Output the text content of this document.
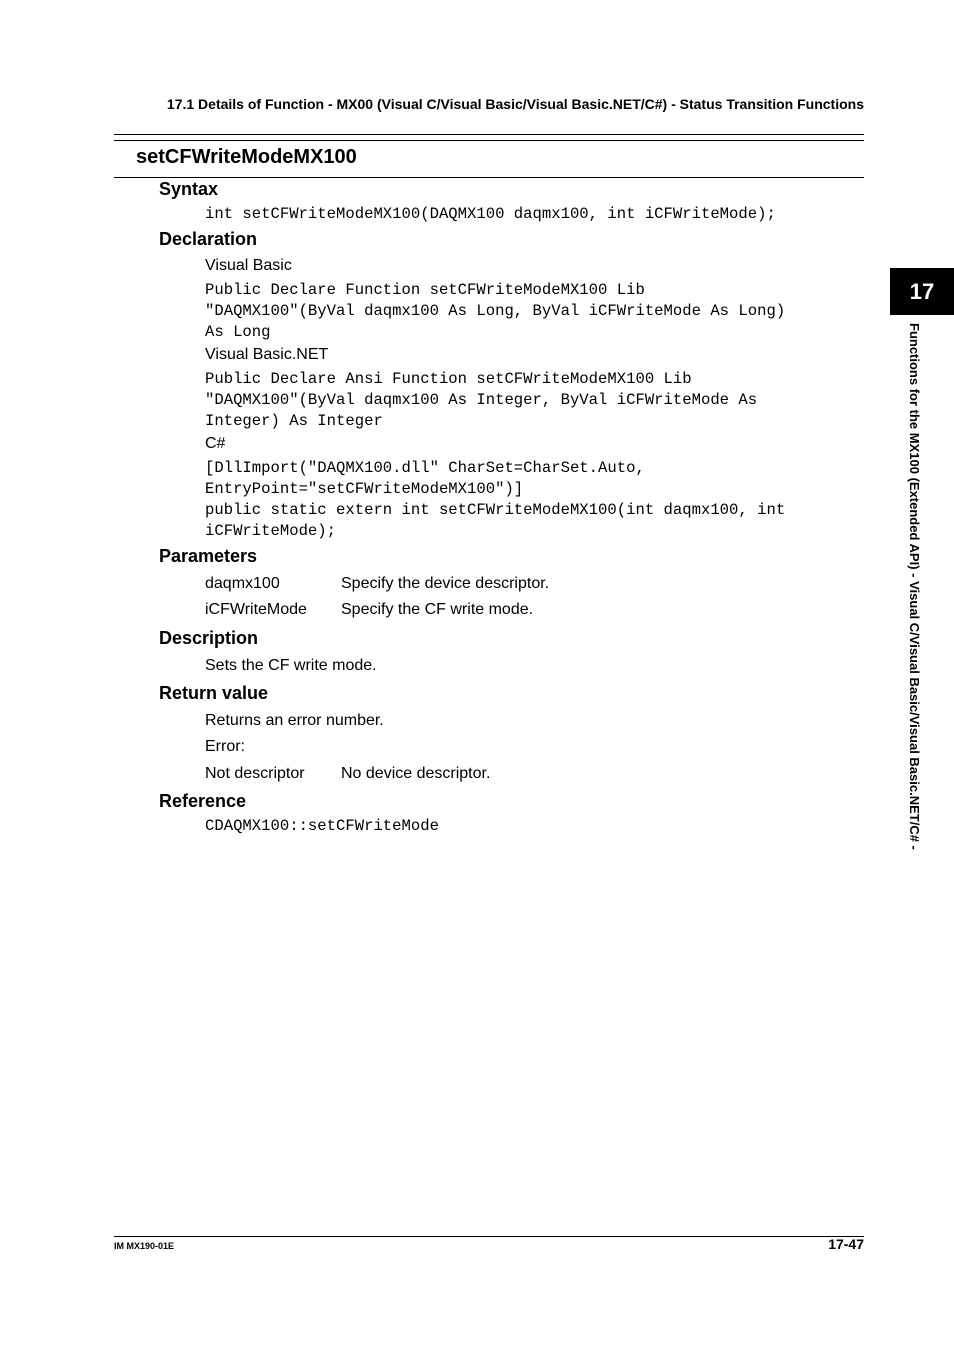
17.1 Details of Function - MX00 (Visual C/Visual Basic/Visual Basic.NET/C#) - Status Transition Functions
setCFWriteModeMX100
Syntax
int setCFWriteModeMX100(DAQMX100 daqmx100, int iCFWriteMode);
Declaration
Visual Basic
Public Declare Function setCFWriteModeMX100 Lib
"DAQMX100"(ByVal daqmx100 As Long, ByVal iCFWriteMode As Long)
As Long
Visual Basic.NET
Public Declare Ansi Function setCFWriteModeMX100 Lib
"DAQMX100"(ByVal daqmx100 As Integer, ByVal iCFWriteMode As
Integer) As Integer
C#
[DllImport("DAQMX100.dll" CharSet=CharSet.Auto,
EntryPoint="setCFWriteModeMX100")]
public static extern int setCFWriteModeMX100(int daqmx100, int
iCFWriteMode);
Parameters
daqmx100	Specify the device descriptor.
iCFWriteMode Specify the CF write mode.
Description
Sets the CF write mode.
Return value
Returns an error number.
Error:
Not descriptor No device descriptor.
Reference
CDAQMX100::setCFWriteMode
17
Functions for the MX100 (Extended API) - Visual C/Visual Basic/Visual Basic.NET/C# -
IM MX190-01E	17-47
